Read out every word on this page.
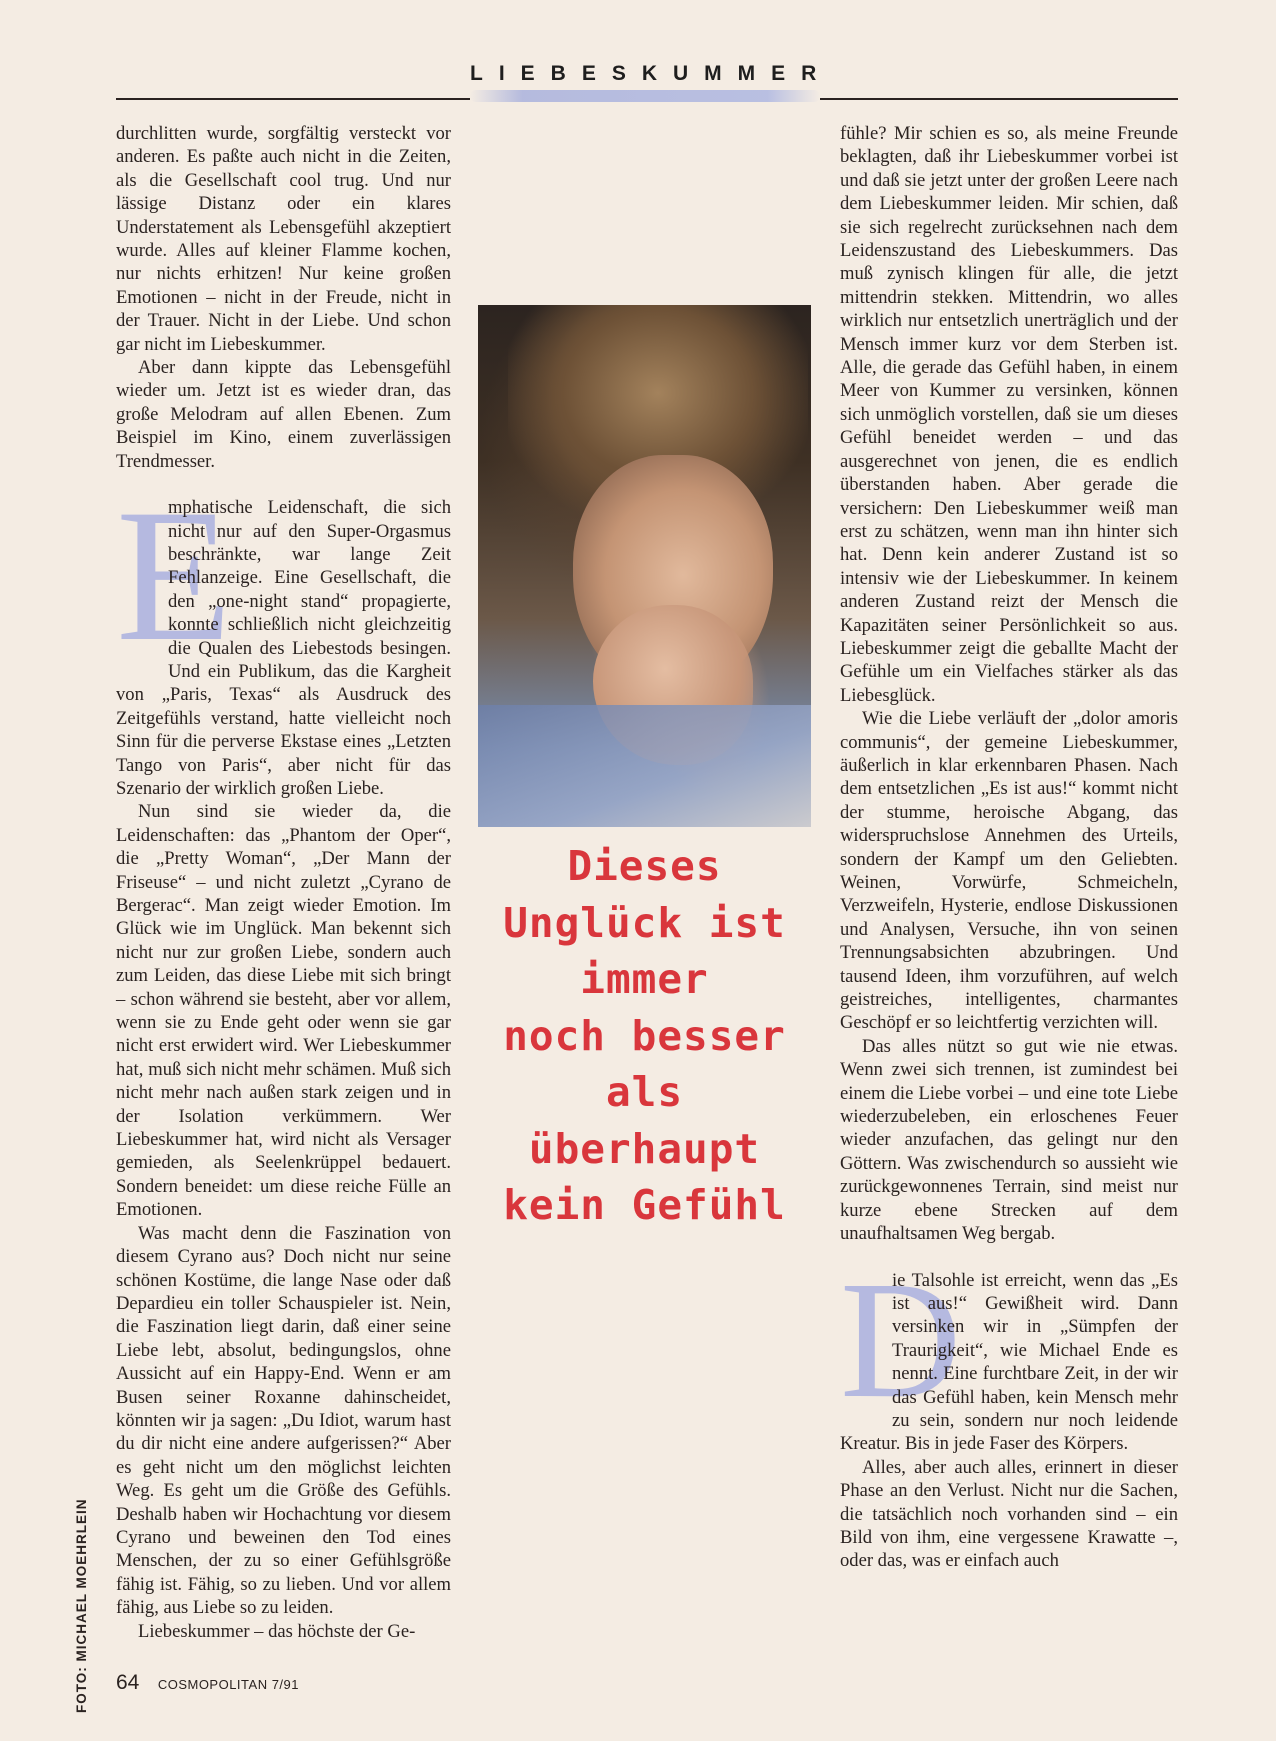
LIEBESKUMMER

durchlitten wurde, sorgfältig versteckt vor anderen. Es paßte auch nicht in die Zeiten, als die Gesellschaft cool trug. Und nur lässige Distanz oder ein klares Understatement als Lebensgefühl akzeptiert wurde. Alles auf kleiner Flamme kochen, nur nichts erhitzen! Nur keine großen Emotionen – nicht in der Freude, nicht in der Trauer. Nicht in der Liebe. Und schon gar nicht im Liebeskummer.

Aber dann kippte das Lebensgefühl wieder um. Jetzt ist es wieder dran, das große Melodram auf allen Ebenen. Zum Beispiel im Kino, einem zuverlässigen Trendmesser.

E
mphatische Leidenschaft, die sich nicht nur auf den Super-Orgasmus beschränkte, war lange Zeit Fehlanzeige. Eine Gesellschaft, die den „one-night stand“ propagierte, konnte schließlich nicht gleichzeitig die Qualen des Liebestods besingen. Und ein Publikum, das die Kargheit von „Paris, Texas“ als Ausdruck des Zeitgefühls verstand, hatte vielleicht noch Sinn für die perverse Ekstase eines „Letzten Tango von Paris“, aber nicht für das Szenario der wirklich großen Liebe.

Nun sind sie wieder da, die Leidenschaften: das „Phantom der Oper“, die „Pretty Woman“, „Der Mann der Friseuse“ – und nicht zuletzt „Cyrano de Bergerac“. Man zeigt wieder Emotion. Im Glück wie im Unglück. Man bekennt sich nicht nur zur großen Liebe, sondern auch zum Leiden, das diese Liebe mit sich bringt – schon während sie besteht, aber vor allem, wenn sie zu Ende geht oder wenn sie gar nicht erst erwidert wird. Wer Liebeskummer hat, muß sich nicht mehr schämen. Muß sich nicht mehr nach außen stark zeigen und in der Isolation verkümmern. Wer Liebeskummer hat, wird nicht als Versager gemieden, als Seelenkrüppel bedauert. Sondern beneidet: um diese reiche Fülle an Emotionen.

Was macht denn die Faszination von diesem Cyrano aus? Doch nicht nur seine schönen Kostüme, die lange Nase oder daß Depardieu ein toller Schauspieler ist. Nein, die Faszination liegt darin, daß einer seine Liebe lebt, absolut, bedingungslos, ohne Aussicht auf ein Happy-End. Wenn er am Busen seiner Roxanne dahinscheidet, könnten wir ja sagen: „Du Idiot, warum hast du dir nicht eine andere aufgerissen?“ Aber es geht nicht um den möglichst leichten Weg. Es geht um die Größe des Gefühls. Deshalb haben wir Hochachtung vor diesem Cyrano und beweinen den Tod eines Menschen, der zu so einer Gefühlsgröße fähig ist. Fähig, so zu lieben. Und vor allem fähig, aus Liebe so zu leiden.

Liebeskummer – das höchste der Ge-

Dieses
Unglück ist
immer
noch besser
als
überhaupt
kein Gefühl

fühle? Mir schien es so, als meine Freunde beklagten, daß ihr Liebeskummer vorbei ist und daß sie jetzt unter der großen Leere nach dem Liebeskummer leiden. Mir schien, daß sie sich regelrecht zurücksehnen nach dem Leidenszustand des Liebeskummers. Das muß zynisch klingen für alle, die jetzt mittendrin stekken. Mittendrin, wo alles wirklich nur entsetzlich unerträglich und der Mensch immer kurz vor dem Sterben ist. Alle, die gerade das Gefühl haben, in einem Meer von Kummer zu versinken, können sich unmöglich vorstellen, daß sie um dieses Gefühl beneidet werden – und das ausgerechnet von jenen, die es endlich überstanden haben. Aber gerade die versichern: Den Liebeskummer weiß man erst zu schätzen, wenn man ihn hinter sich hat. Denn kein anderer Zustand ist so intensiv wie der Liebeskummer. In keinem anderen Zustand reizt der Mensch die Kapazitäten seiner Persönlichkeit so aus. Liebeskummer zeigt die geballte Macht der Gefühle um ein Vielfaches stärker als das Liebesglück.

Wie die Liebe verläuft der „dolor amoris communis“, der gemeine Liebeskummer, äußerlich in klar erkennbaren Phasen. Nach dem entsetzlichen „Es ist aus!“ kommt nicht der stumme, heroische Abgang, das widerspruchslose Annehmen des Urteils, sondern der Kampf um den Geliebten. Weinen, Vorwürfe, Schmeicheln, Verzweifeln, Hysterie, endlose Diskussionen und Analysen, Versuche, ihn von seinen Trennungsabsichten abzubringen. Und tausend Ideen, ihm vorzuführen, auf welch geistreiches, intelligentes, charmantes Geschöpf er so leichtfertig verzichten will.

Das alles nützt so gut wie nie etwas. Wenn zwei sich trennen, ist zumindest bei einem die Liebe vorbei – und eine tote Liebe wiederzubeleben, ein erloschenes Feuer wieder anzufachen, das gelingt nur den Göttern. Was zwischendurch so aussieht wie zurückgewonnenes Terrain, sind meist nur kurze ebene Strecken auf dem unaufhaltsamen Weg bergab.

D
ie Talsohle ist erreicht, wenn das „Es ist aus!“ Gewißheit wird. Dann versinken wir in „Sümpfen der Traurigkeit“, wie Michael Ende es nennt. Eine furchtbare Zeit, in der wir das Gefühl haben, kein Mensch mehr zu sein, sondern nur noch leidende Kreatur. Bis in jede Faser des Körpers.

Alles, aber auch alles, erinnert in dieser Phase an den Verlust. Nicht nur die Sachen, die tatsächlich noch vorhanden sind – ein Bild von ihm, eine vergessene Krawatte –, oder das, was er einfach auch

FOTO: MICHAEL MOEHRLEIN	64 COSMOPOLITAN 7/91
